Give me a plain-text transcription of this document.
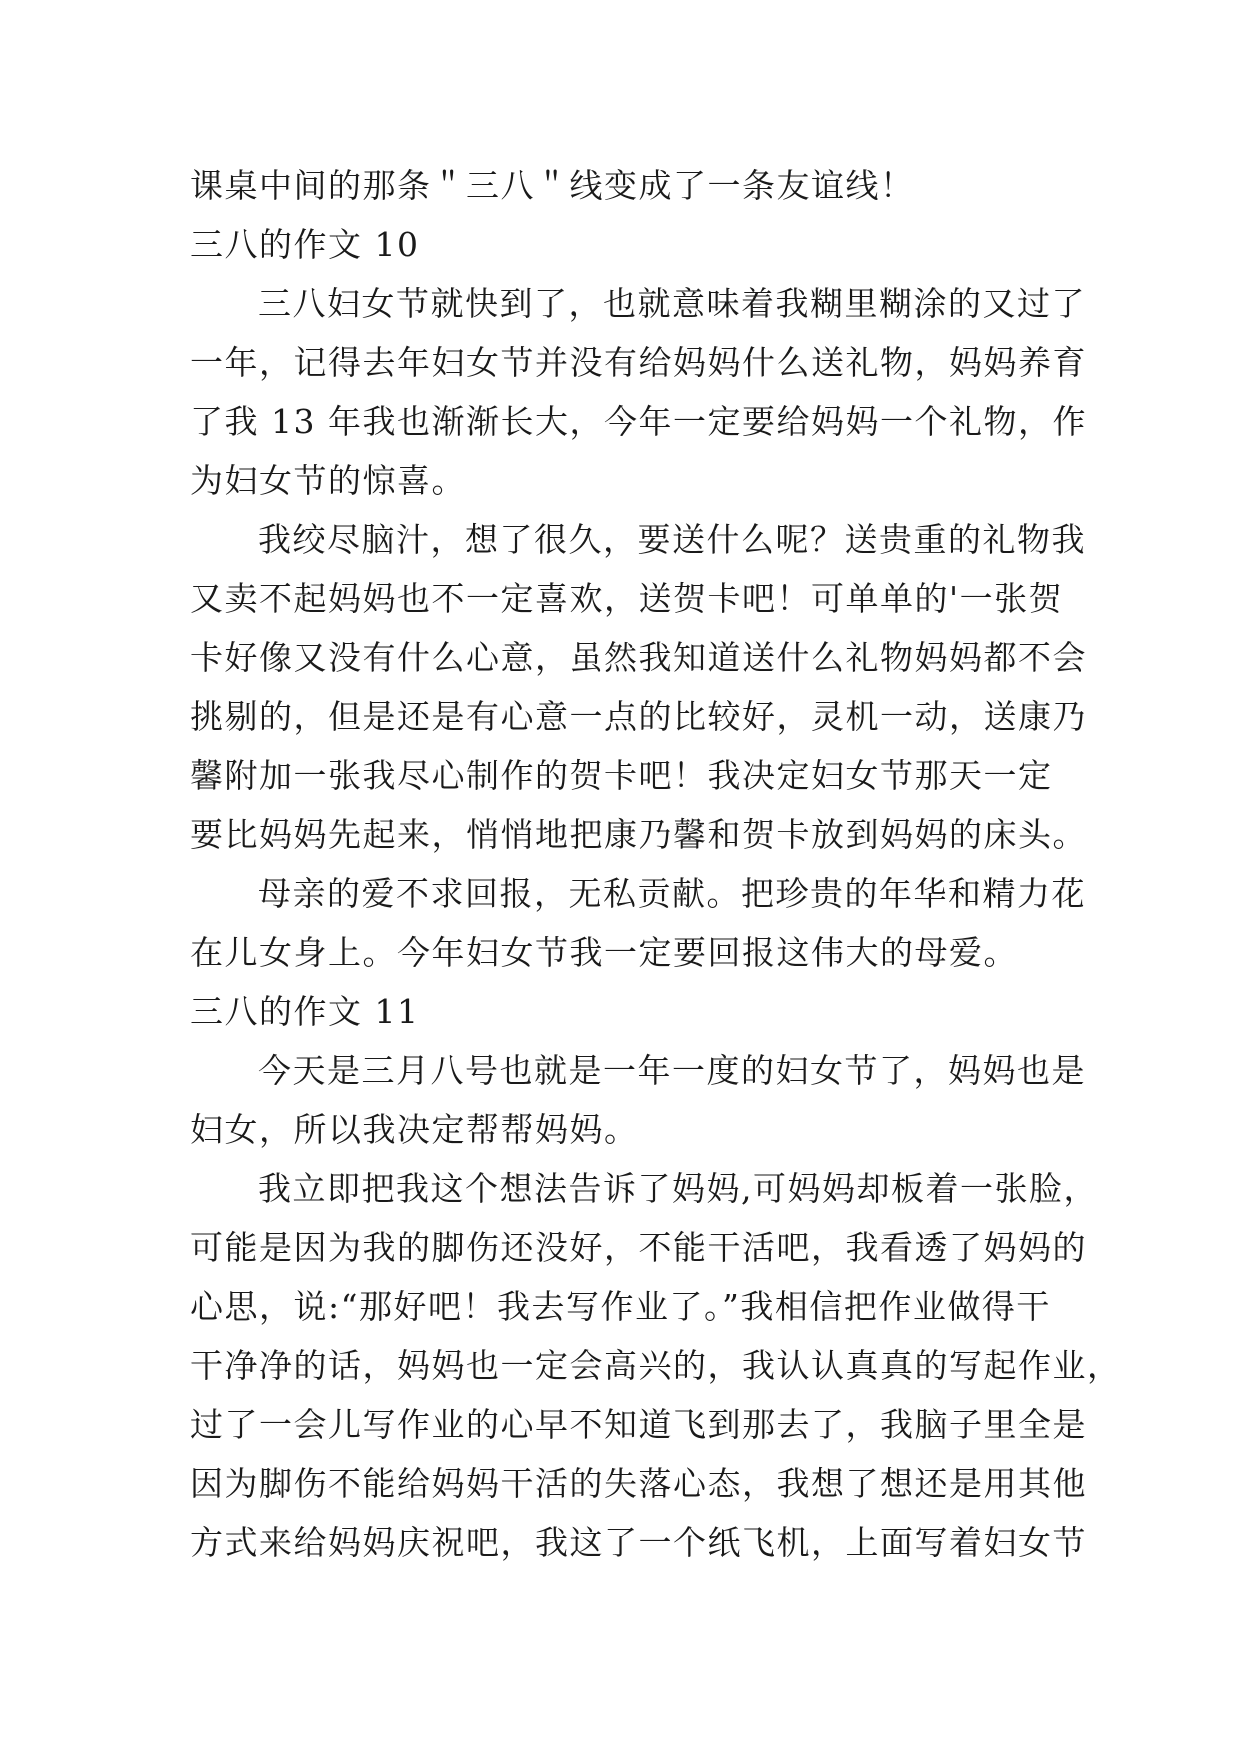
课桌中间的那条＂三八＂线变成了一条友谊线！
三八的作文 10
三八妇女节就快到了，也就意味着我糊里糊涂的又过了
一年，记得去年妇女节并没有给妈妈什么送礼物，妈妈养育
了我 13 年我也渐渐长大，今年一定要给妈妈一个礼物，作
为妇女节的惊喜。
我绞尽脑汁，想了很久，要送什么呢？送贵重的礼物我
又卖不起妈妈也不一定喜欢，送贺卡吧！可单单的'一张贺
卡好像又没有什么心意，虽然我知道送什么礼物妈妈都不会
挑剔的，但是还是有心意一点的比较好，灵机一动，送康乃
馨附加一张我尽心制作的贺卡吧！我决定妇女节那天一定
要比妈妈先起来，悄悄地把康乃馨和贺卡放到妈妈的床头。
母亲的爱不求回报，无私贡献。把珍贵的年华和精力花
在儿女身上。今年妇女节我一定要回报这伟大的母爱。
三八的作文 11
今天是三月八号也就是一年一度的妇女节了，妈妈也是
妇女，所以我决定帮帮妈妈。
我立即把我这个想法告诉了妈妈,可妈妈却板着一张脸，
可能是因为我的脚伤还没好，不能干活吧，我看透了妈妈的
心思，说:“那好吧！我去写作业了。”我相信把作业做得干
干净净的话，妈妈也一定会高兴的，我认认真真的写起作业，
过了一会儿写作业的心早不知道飞到那去了，我脑子里全是
因为脚伤不能给妈妈干活的失落心态，我想了想还是用其他
方式来给妈妈庆祝吧，我这了一个纸飞机，上面写着妇女节
